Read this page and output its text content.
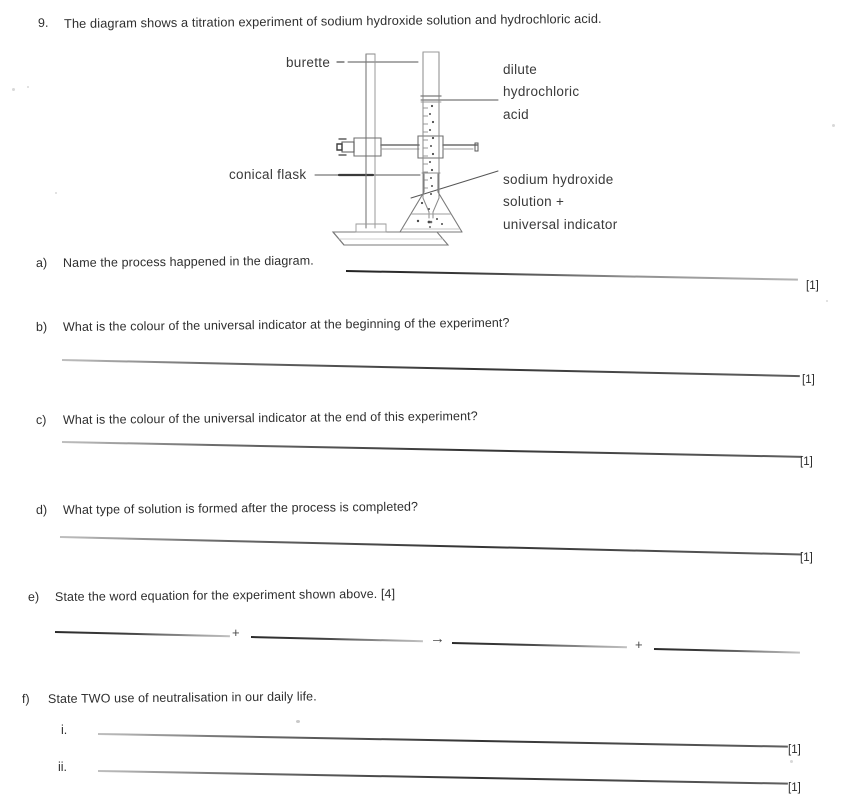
9. The diagram shows a titration experiment of sodium hydroxide solution and hydrochloric acid.
burette
conical flask
dilute
hydrochloric
acid
sodium hydroxide
solution +
universal indicator
a) Name the process happened in the diagram.
[1]
b) What is the colour of the universal indicator at the beginning of the experiment?
[1]
c) What is the colour of the universal indicator at the end of this experiment?
[1]
d) What type of solution is formed after the process is completed?
[1]
e) State the word equation for the experiment shown above. [4]
+	→	+
f) State TWO use of neutralisation in our daily life.
i.
[1]
ii.
[1]
